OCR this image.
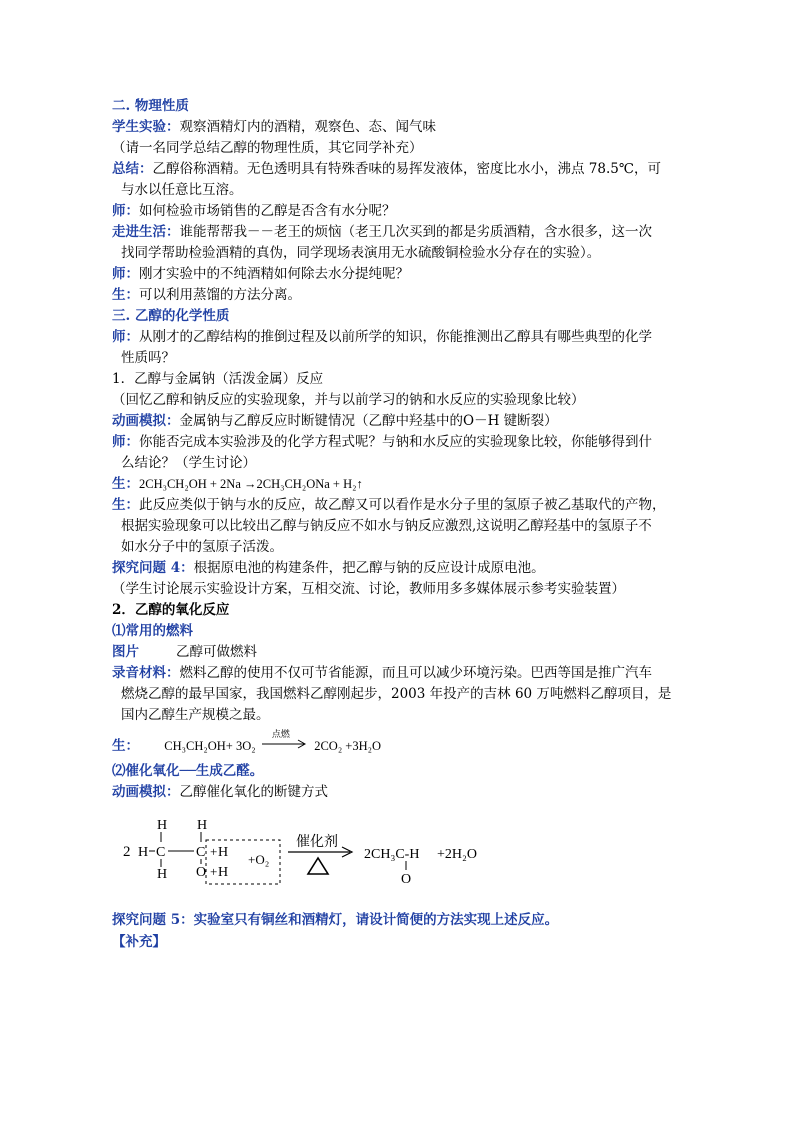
二. 物理性质
学生实验：观察酒精灯内的酒精，观察色、态、闻气味
（请一名同学总结乙醇的物理性质，其它同学补充）
总结：乙醇俗称酒精。无色透明具有特殊香味的易挥发液体，密度比水小，沸点 78.5℃，可
与水以任意比互溶。
师：如何检验市场销售的乙醇是否含有水分呢？
走进生活：谁能帮帮我－－老王的烦恼（老王几次买到的都是劣质酒精，含水很多，这一次
找同学帮助检验酒精的真伪，同学现场表演用无水硫酸铜检验水分存在的实验）。
师：刚才实验中的不纯酒精如何除去水分提纯呢？
生：可以利用蒸馏的方法分离。
三. 乙醇的化学性质
师：从刚才的乙醇结构的推倒过程及以前所学的知识，你能推测出乙醇具有哪些典型的化学
性质吗？
1．乙醇与金属钠（活泼金属）反应
（回忆乙醇和钠反应的实验现象，并与以前学习的钠和水反应的实验现象比较）
动画模拟：金属钠与乙醇反应时断键情况（乙醇中羟基中的O－H 键断裂）
师：你能否完成本实验涉及的化学方程式呢？与钠和水反应的实验现象比较，你能够得到什
么结论？（学生讨论）
生：2CH₃CH₂OH + 2Na →2CH₃CH₂ONa + H₂↑
生：此反应类似于钠与水的反应，故乙醇又可以看作是水分子里的氢原子被乙基取代的产物，
根据实验现象可以比较出乙醇与钠反应不如水与钠反应激烈,这说明乙醇羟基中的氢原子不
如水分子中的氢原子活泼。
探究问题 4：根据原电池的构建条件，把乙醇与钠的反应设计成原电池。
（学生讨论展示实验设计方案，互相交流、讨论，教师用多多媒体展示参考实验装置）
2．乙醇的氧化反应
⑴常用的燃料
图片	乙醇可做燃料
录音材料：燃料乙醇的使用不仅可节省能源，而且可以减少环境污染。巴西等国是推广汽车
燃烧乙醇的最早国家，我国燃料乙醇刚起步，2003 年投产的吉林 60 万吨燃料乙醇项目，是
国内乙醇生产规模之最。
生： CH₃CH₂OH+ 3O₂
点燃
2CO₂ +3H₂O
⑵催化氧化──生成乙醛。
动画模拟：乙醇催化氧化的断键方式
2 H C
H
H
C
H
O
+ H
+ H
+O₂
催化剂
2CH₃C-H
O
+2H₂O
探究问题 5：实验室只有铜丝和酒精灯，请设计简便的方法实现上述反应。
【补充】
